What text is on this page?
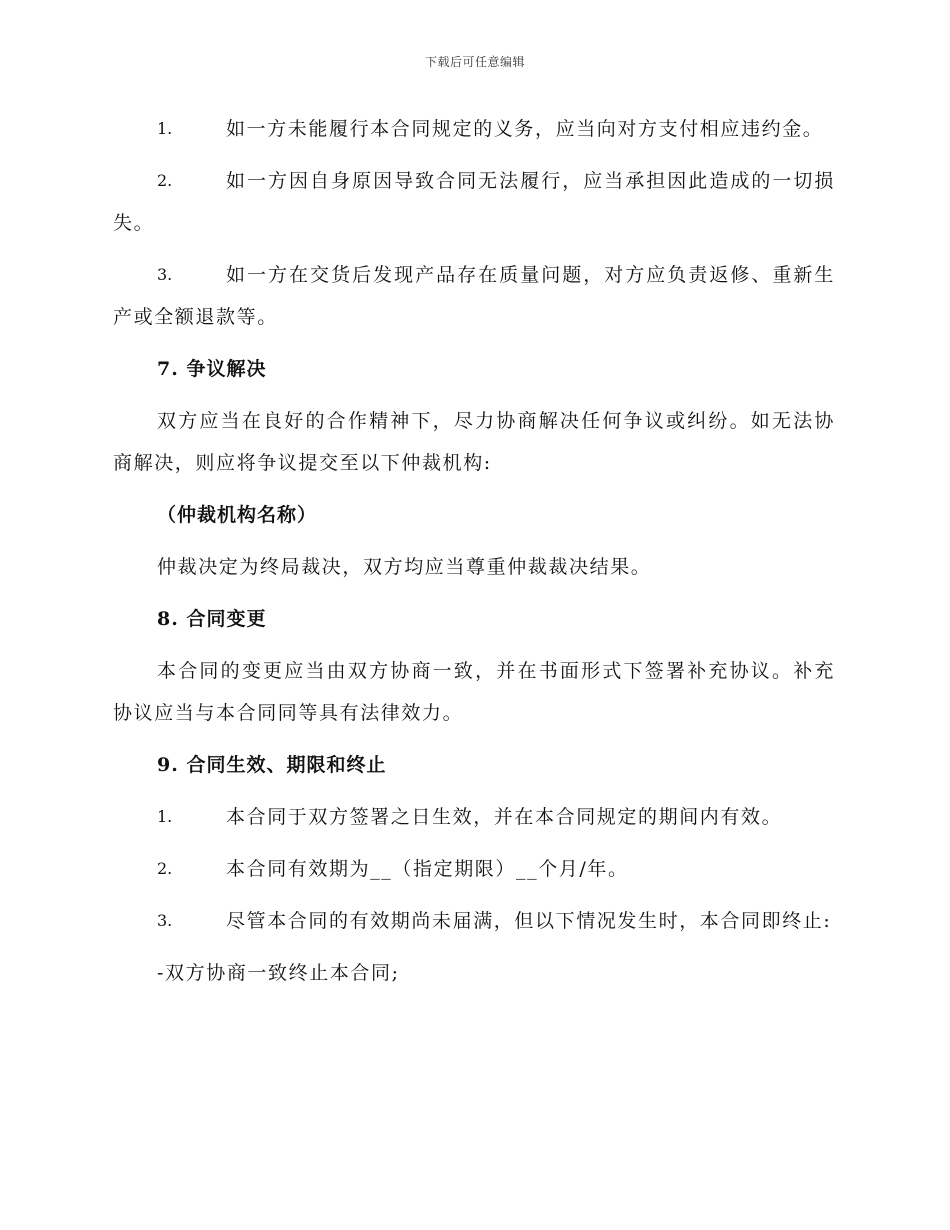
下载后可任意编辑
1.	如一方未能履行本合同规定的义务，应当向对方支付相应违约金。
2.	如一方因自身原因导致合同无法履行，应当承担因此造成的一切损失。
3.	如一方在交货后发现产品存在质量问题，对方应负责返修、重新生产或全额退款等。
7. 争议解决
双方应当在良好的合作精神下，尽力协商解决任何争议或纠纷。如无法协商解决，则应将争议提交至以下仲裁机构:
（仲裁机构名称）
仲裁决定为终局裁决，双方均应当尊重仲裁裁决结果。
8. 合同变更
本合同的变更应当由双方协商一致，并在书面形式下签署补充协议。补充协议应当与本合同同等具有法律效力。
9. 合同生效、期限和终止
1.	本合同于双方签署之日生效，并在本合同规定的期间内有效。
2.	本合同有效期为__（指定期限）__个月/年。
3.	尽管本合同的有效期尚未届满，但以下情况发生时，本合同即终止:
-双方协商一致终止本合同;
